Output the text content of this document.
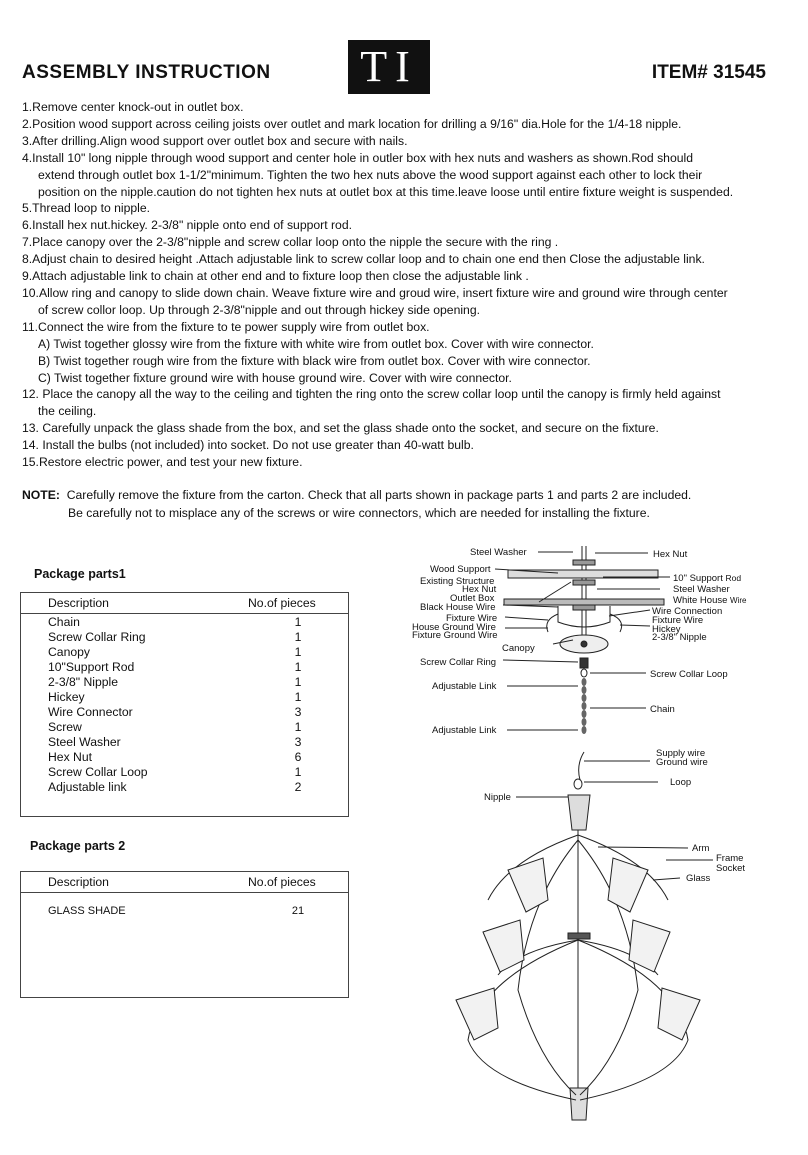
ASSEMBLY INSTRUCTION TI	ITEM# 31545
1.Remove center knock-out in outlet box.
2.Position wood support across ceiling joists over outlet and mark location for drilling a 9/16" dia.Hole for the 1/4-18 nipple.
3.After drilling.Align wood support over outlet box and secure with nails.
4.Install 10" long nipple through wood support and center hole in outler box with hex nuts and washers as shown.Rod should
extend through outlet box 1-1/2"minimum. Tighten the two hex nuts above the wood support against each other to lock their
position on the nipple.caution do not tighten hex nuts at outlet box at this time.leave loose until entire fixture weight is suspended.
5.Thread loop to nipple.
6.Install hex nut.hickey. 2-3/8" nipple onto end of support rod.
7.Place canopy over the 2-3/8"nipple and screw collar loop onto the nipple the secure with the ring .
8.Adjust chain to desired height .Attach adjustable link to screw collar loop and to chain one end then Close the adjustable link.
9.Attach adjustable link to chain at other end and to fixture loop then close the adjustable link .
10.Allow ring and canopy to slide down chain. Weave fixture wire and groud wire, insert fixture wire and ground wire through center
of screw collor loop. Up through 2-3/8"nipple and out through hickey side opening.
11.Connect the wire from the fixture to te power supply wire from outlet box.
A) Twist together glossy wire from the fixture with white wire from outlet box. Cover with wire connector.
B) Twist together rough wire from the fixture with black wire from outlet box. Cover with wire connector.
C) Twist together fixture ground wire with house ground wire. Cover with wire connector.
12. Place the canopy all the way to the ceiling and tighten the ring onto the screw collar loop until the canopy is firmly held against
the ceiling.
13. Carefully unpack the glass shade from the box, and set the glass shade onto the socket, and secure on the fixture.
14. Install the bulbs (not included) into socket. Do not use greater than 40-watt bulb.
15.Restore electric power, and test your new fixture.
NOTE: Carefully remove the fixture from the carton. Check that all parts shown in package parts 1 and parts 2 are included.
Be carefully not to misplace any of the screws or wire connectors, which are needed for installing the fixture.
Package parts1
Description	No.of pieces
Chain	1
Screw Collar Ring	1
Canopy	1
10"Support Rod	1
2-3/8" Nipple	1
Hickey	1
Wire Connector	3
Screw	1
Steel Washer	3
Hex Nut	6
Screw Collar Loop	1
Adjustable link	2
Package parts 2
Description	No.of pieces
GLASS SHADE	21
Steel Washer	Hex Nut
Wood Support
10" Support Rod
Existing Structure
Hex Nut	Steel Washer
Outlet Box	White House Wire
Black House Wire	Wire Connection
Fixture Wire	Fixture Wire
House Ground Wire	Hickey
Fixture Ground Wire	2-3/8" Nipple
Canopy
Screw Collar Ring
Screw Collar Loop
Adjustable Link
Chain
Adjustable Link
Supply wire
Ground wire
Loop
Nipple
Arm
Frame
Socket
Glass
